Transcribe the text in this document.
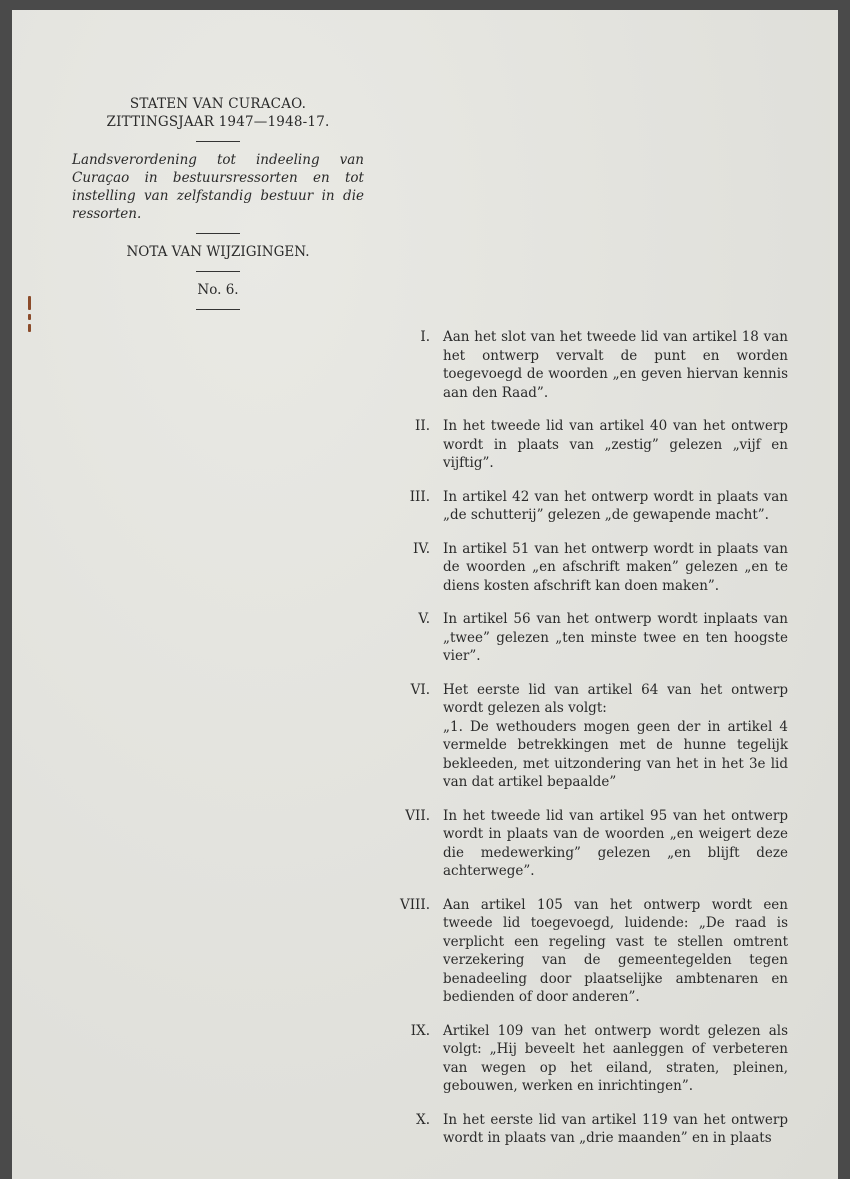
STATEN VAN CURACAO.
ZITTINGSJAAR 1947—1948-17.
Landsverordening tot indeeling van Curaçao in bestuursressorten en tot instelling van zelfstandig bestuur in die ressorten.
NOTA VAN WIJZIGINGEN.
No. 6.
I. Aan het slot van het tweede lid van artikel 18 van het ontwerp vervalt de punt en worden toegevoegd de woorden „en geven hiervan kennis aan den Raad”.
II. In het tweede lid van artikel 40 van het ontwerp wordt in plaats van „zestig” gelezen „vijf en vijftig”.
III. In artikel 42 van het ontwerp wordt in plaats van „de schutterij” gelezen „de gewapende macht”.
IV. In artikel 51 van het ontwerp wordt in plaats van de woorden „en afschrift maken” gelezen „en te diens kosten afschrift kan doen maken”.
V. In artikel 56 van het ontwerp wordt inplaats van „twee” gelezen „ten minste twee en ten hoogste vier”.
VI. Het eerste lid van artikel 64 van het ontwerp wordt gelezen als volgt:
„1. De wethouders mogen geen der in artikel 4 vermelde betrekkingen met de hunne tegelijk bekleeden, met uitzondering van het in het 3e lid van dat artikel bepaalde”
VII. In het tweede lid van artikel 95 van het ontwerp wordt in plaats van de woorden „en weigert deze die medewerking” gelezen „en blijft deze achterwege”.
VIII. Aan artikel 105 van het ontwerp wordt een tweede lid toegevoegd, luidende: „De raad is verplicht een regeling vast te stellen omtrent verzekering van de gemeentegelden tegen benadeeling door plaatselijke ambtenaren en bedienden of door anderen”.
IX. Artikel 109 van het ontwerp wordt gelezen als volgt: „Hij beveelt het aanleggen of verbeteren van wegen op het eiland, straten, pleinen, gebouwen, werken en inrichtingen”.
X. In het eerste lid van artikel 119 van het ontwerp wordt in plaats van „drie maanden” en in plaats
